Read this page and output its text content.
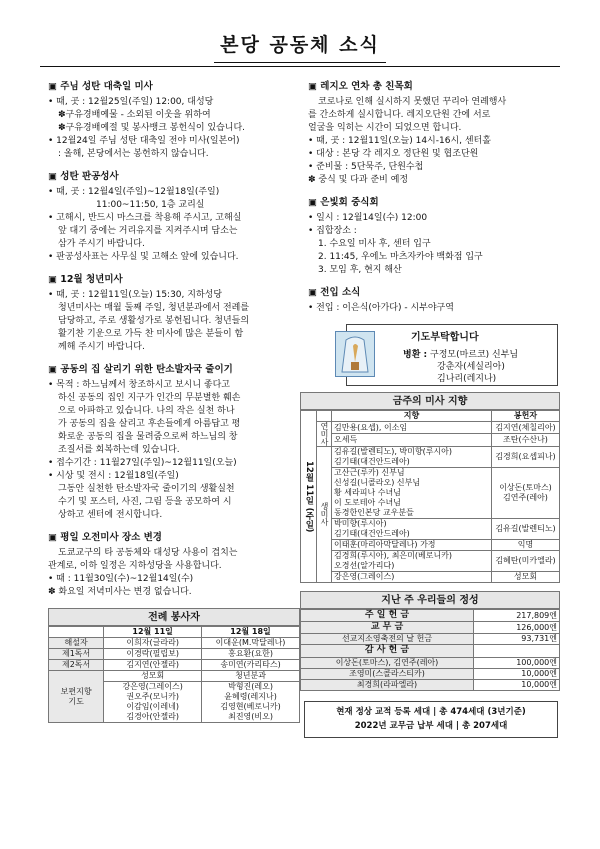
본당 공동체 소식
▣ 주님 성탄 대축일 미사
• 때, 곳 : 12월25일(주일) 12:00, 대성당
✽구유경배예물 - 소외된 이웃을 위하여
✽구유경배예절 및 봉사뱅크 봉헌식이 있습니다.
• 12월24일 주님 성탄 대축일 전야 미사(일본어)
: 올해, 본당에서는 봉헌하지 않습니다.
▣ 성탄 판공성사
• 때, 곳 : 12월4일(주일)~12월18일(주일)
11:00~11:50, 1층 교리실
• 고해시, 반드시 마스크를 착용해 주시고, 고해실
앞 대기 중에는 거리유지를 지켜주시며 담소는
삼가 주시기 바랍니다.
• 판공성사표는 사무실 및 고해소 앞에 있습니다.
▣ 12월 청년미사
• 때, 곳 : 12월11일(오늘) 15:30, 지하성당
청년미사는 매월 둘째 주일, 청년분과에서 전례를
담당하고, 주로 생활성가로 봉헌됩니다. 청년들의
활기찬 기운으로 가득 찬 미사에 많은 분들이 함
께해 주시기 바랍니다.
▣ 공동의 집 살리기 위한 탄소발자국 줄이기
• 목적 : 하느님께서 창조하시고 보시니 좋다고
하신 공동의 집인 지구가 인간의 무분별한 훼손
으로 아파하고 있습니다. 나의 작은 실천 하나
가 공동의 집을 살리고 후손들에게 아름답고 평
화로운 공동의 집을 물려줌으로써 하느님의 창
조질서를 회복하는데 있습니다.
• 접수기간 : 11월27일(주일)~12월11일(오늘)
• 시상 및 전시 : 12월18일(주일)
그동안 실천한 탄소발자국 줄이기의 생활실천
수기 및 포스터, 사진, 그림 등을 공모하여 시
상하고 센터에 전시합니다.
▣ 평일 오전미사 장소 변경
도쿄교구의 타 공동체와 대성당 사용이 겹치는
관계로, 이하 일정은 지하성당을 사용합니다.
• 때 : 11월30일(수)~12월14일(수)
✽ 화요일 저녁미사는 변경 없습니다.
전례 봉사자
	12월 11일	12월 18일
해설자	이희자(글라라)	이대운(M.막달레나)
제1독서	이경락(필립보)	홍요환(요한)
제2독서	김지연(안젤라)	송미연(카리타스)
보편지향
기도	성모회	청년분과
	강은영(그레이스)
권오주(모니카)
이감임(이레네)
김경아(안젤라)	박형진(레오)
윤혜령(레지나)
김영현(베로니카)
최진영(비오)
▣ 레지오 연차 총 친목회
코로나로 인해 실시하지 못했던 꾸리아 연례행사
를 간소하게 실시합니다. 레지오단원 간에 서로
얼굴을 익히는 시간이 되었으면 합니다.
• 때, 곳 : 12월11일(오늘) 14시-16시, 센터홀
• 대상 : 본당 각 레지오 정단원 및 협조단원
• 준비물 : 5단묵주, 단원수첩
✽ 중식 및 다과 준비 예정
▣ 은빛회 중식회
• 일시 : 12월14일(수) 12:00
• 집합장소 :
1. 수요일 미사 후, 센터 입구
2. 11:45, 우에노 마츠자카야 백화점 입구
3. 모임 후, 현지 해산
▣ 전입 소식
• 전입 : 이은식(아가다) - 시부야구역
기도부탁합니다
병환 : 구정모(마르코) 신부님
강춘자(세실리아)
김나리(레지나)
금주의 미사 지향
12월 11일 (주일)		지향	봉헌자
	연미사	김만용(요셉), 이소임	김지연(체칠리아)
		오세득	조탄(수산나)
	생미사	김유길(발렌티노), 박미향(루시아)
김기태(대건안드레아)	김경희(요셉피나)
		고산근(루카) 신부님
신성길(니콜라오) 신부님
황 세라피나 수녀님
이 도로테아 수녀님
동경한인본당 교우분들	이상돈(토마스)
김연주(레아)
		박미향(루시아)
김기태(대건안드레아)	김유길(발렌티노)
		이태훈(마리아막달레나) 가정	익명
		김경희(루시아), 최은미(베로니카)
오경선(알가리다)	김혜탄(미카엘라)
		강은영(그레이스)	성모회
지난 주 우리들의 정성
주 일 헌 금	217,809엔
교 무 금	126,000엔
선교지소영축전의 날 헌금	93,731엔
감 사 헌 금	
이상돈(토마스), 김연주(레아)	100,000엔
조영미(스콜라스티카)	10,000엔
최경희(라파엘라)	10,000엔
현재 정상 교적 등록 세대 | 총 474세대 (3년기준)
2022년 교무금 납부 세대 | 총 207세대
